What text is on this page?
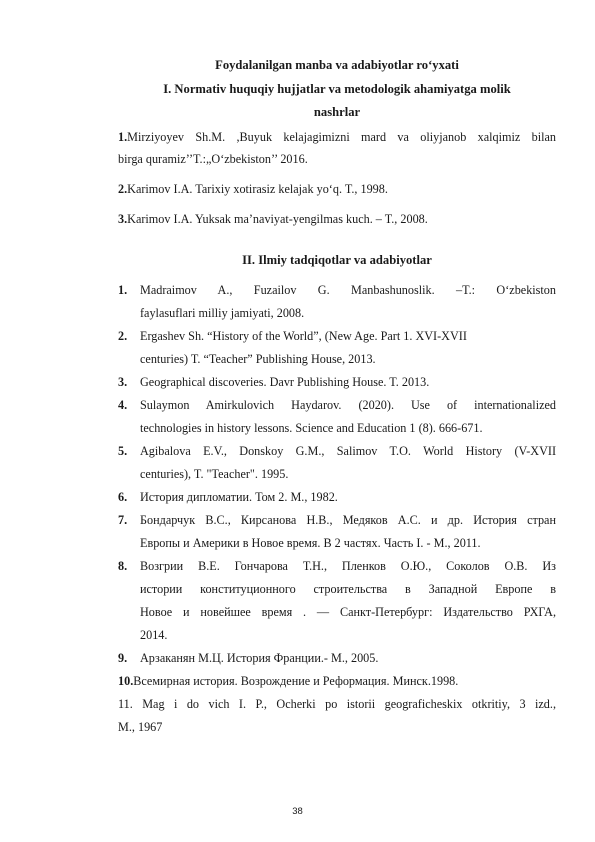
Foydalanilgan manba va adabiyotlar ro‘yxati
I. Normativ huquqiy hujjatlar va metodologik ahamiyatga molik
nashrlar
1.Mirziyoyev Sh.M. ,Buyuk kelajagimizni mard va oliyjanob xalqimiz bilan
birga quramiz’’T.:„O‘zbekiston’’ 2016.
2.Karimov I.A. Tarixiy xotirasiz kelajak yo‘q. T., 1998.
3.Karimov I.A. Yuksak ma’naviyat-yengilmas kuch. – T., 2008.
II. Ilmiy tadqiqotlar va adabiyotlar
1.	Madraimov A., Fuzailov G. Manbashunoslik. –T.: O‘zbekiston
faylasuflari milliy jamiyati, 2008.
2.	Ergashev Sh. “History of the World”, (New Age. Part 1. XVI-XVII
centuries) T. “Teacher” Publishing House, 2013.
3.	Geographical discoveries. Davr Publishing House. T. 2013.
4.	Sulaymon Amirkulovich Haydarov. (2020). Use of internationalized
technologies in history lessons. Science and Education 1 (8). 666-671.
5.	Agibalova E.V., Donskoy G.M., Salimov T.O. World History (V-XVII
centuries), T. "Teacher". 1995.
6.	История дипломатии. Том 2. М., 1982.
7.	Бондарчук В.С., Кирсанова Н.В., Медяков А.С. и др. История стран
Европы и Америки в Новое время. В 2 частях. Часть I. - М., 2011.
8.	Возгрии В.Е. Гончарова Т.Н., Пленков О.Ю., Соколов О.В. Из
истории конституционного строительства в Западной Европе в
Новое и новейшее время . — Санкт-Петербург: Издательство РХГА,
2014.
9.	Арзаканян М.Ц. История Франции.- М., 2005.
10.Всемирная история. Возрождение и Реформация. Минск.1998.
11. Mag i do vich I. P., Ocherki po istorii geograficheskix otkritiy, 3 izd.,
M., 1967
38
